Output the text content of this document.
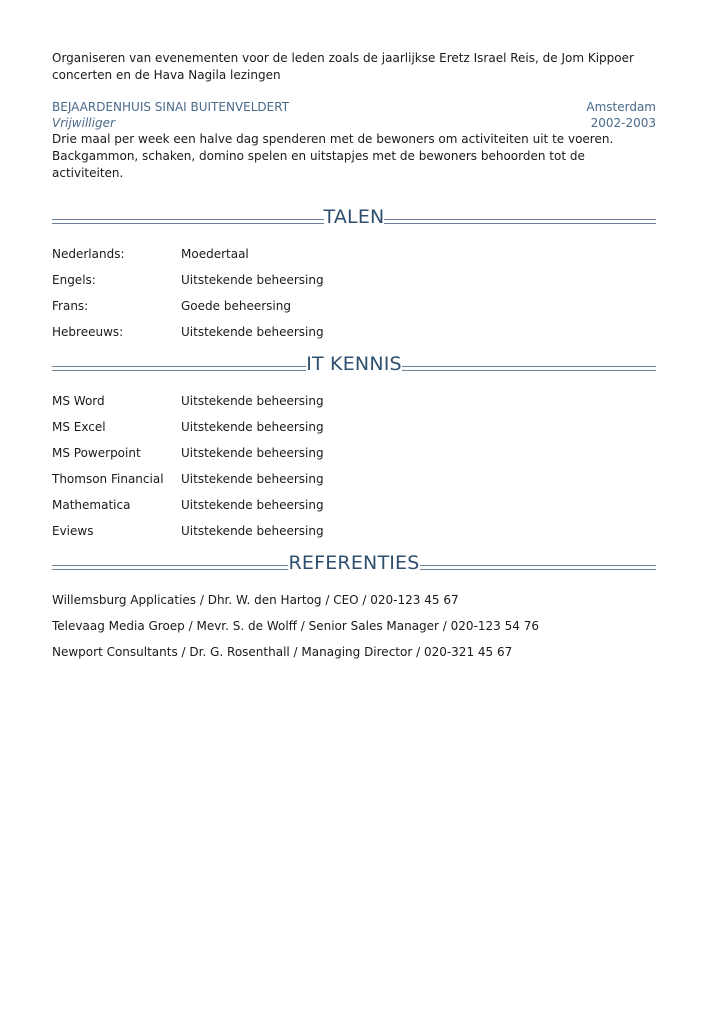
Organiseren van evenementen voor de leden zoals de jaarlijkse Eretz Israel Reis, de Jom Kippoer
concerten en de Hava Nagila lezingen

BEJAARDENHUIS SINAI BUITENVELDERT	Amsterdam
Vrijwilliger	2002-2003

Drie maal per week een halve dag spenderen met de bewoners om activiteiten uit te voeren.
Backgammon, schaken, domino spelen en uitstapjes met de bewoners behoorden tot de activiteiten.

TALEN
Nederlands:	Moedertaal
Engels:	Uitstekende beheersing
Frans:	Goede beheersing
Hebreeuws:	Uitstekende beheersing
IT KENNIS
MS Word	Uitstekende beheersing
MS Excel	Uitstekende beheersing
MS Powerpoint	Uitstekende beheersing
Thomson Financial	Uitstekende beheersing
Mathematica	Uitstekende beheersing
Eviews	Uitstekende beheersing
REFERENTIES
Willemsburg Applicaties / Dhr. W. den Hartog / CEO / 020-123 45 67
Televaag Media Groep / Mevr. S. de Wolff / Senior Sales Manager / 020-123 54 76
Newport Consultants / Dr. G. Rosenthall / Managing Director / 020-321 45 67
